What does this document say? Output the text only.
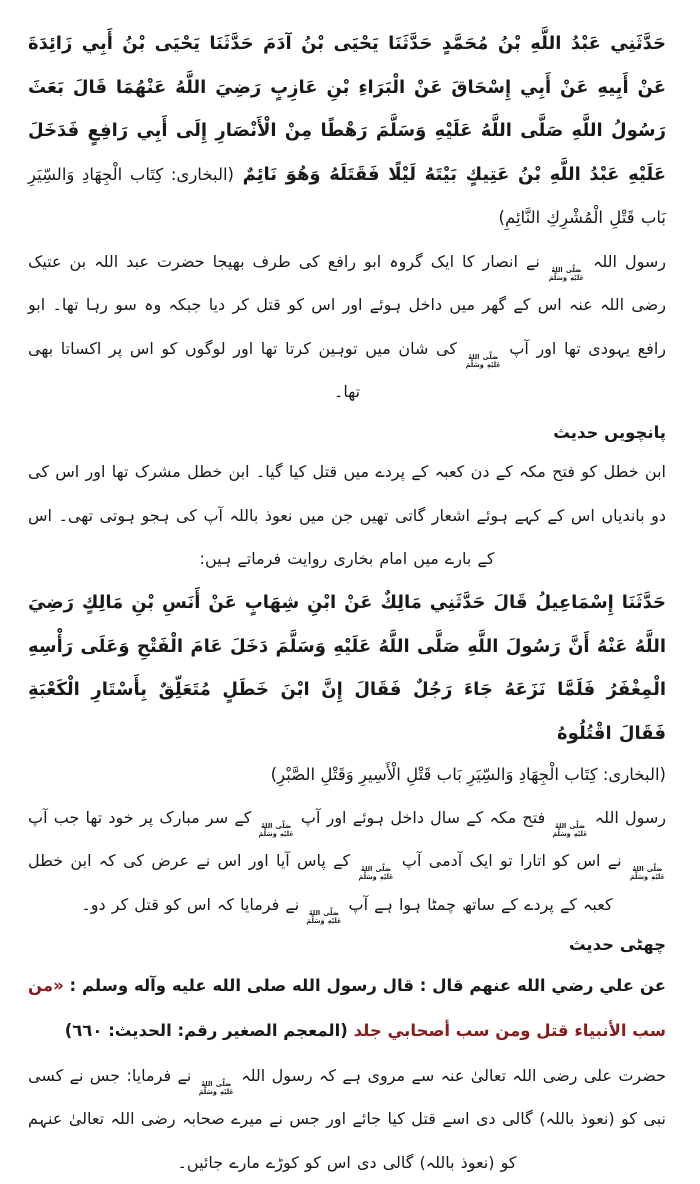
حَدَّثَنِي عَبْدُ اللَّهِ بْنُ مُحَمَّدٍ حَدَّثَنَا يَحْيَى بْنُ آدَمَ حَدَّثَنَا يَحْيَى بْنُ أَبِي زَائِدَةَ عَنْ أَبِيهِ عَنْ أَبِي إِسْحَاقَ عَنْ الْبَرَاءِ بْنِ عَازِبٍ رَضِيَ اللَّهُ عَنْهُمَا قَالَ بَعَثَ رَسُولُ اللَّهِ صَلَّى اللَّهُ عَلَيْهِ وَسَلَّمَ رَهْطًا مِنْ الْأَنْصَارِ إِلَى أَبِي رَافِعٍ فَدَخَلَ عَلَيْهِ عَبْدُ اللَّهِ بْنُ عَتِيكٍ بَيْتَهُ لَيْلًا فَقَتَلَهُ وَهُوَ نَائِمٌ (البخارى: كِتَاب الْجِهَادِ وَالسِّيَرِ بَاب قَتْلِ الْمُشْرِكِ النَّائِمِ)
رسول اللہ
صَلَّى اللهُ
عَلَيْهِ وَسَلَّمَ
نے انصار کا ایک گروہ ابو رافع کی طرف بھیجا حضرت عبد اللہ بن عتیک رضی اللہ عنہ اس کے گھر میں داخل ہوئے اور اس کو قتل کر دیا جبکہ وہ سو رہا تھا۔ ابو رافع یہودی تھا اور آپ
صَلَّى اللهُ
عَلَيْهِ وَسَلَّمَ
کی شان میں توہین کرتا تھا اور لوگوں کو اس پر اکساتا بھی تھا۔
پانچویں حدیث
ابن خطل کو فتح مکہ کے دن کعبہ کے پردے میں قتل کیا گیا۔ ابن خطل مشرک تھا اور اس کی دو باندیاں اس کے کہے ہوئے اشعار گاتی تھیں جن میں نعوذ باللہ آپ کی ہجو ہوتی تھی۔ اس کے بارے میں امام بخاری روایت فرماتے ہیں:
حَدَّثَنَا إِسْمَاعِيلُ قَالَ حَدَّثَنِي مَالِكٌ عَنْ ابْنِ شِهَابٍ عَنْ أَنَسِ بْنِ مَالِكٍ رَضِيَ اللَّهُ عَنْهُ أَنَّ رَسُولَ اللَّهِ صَلَّى اللَّهُ عَلَيْهِ وَسَلَّمَ دَخَلَ عَامَ الْفَتْحِ وَعَلَى رَأْسِهِ الْمِغْفَرُ فَلَمَّا نَزَعَهُ جَاءَ رَجُلٌ فَقَالَ إِنَّ ابْنَ خَطَلٍ مُتَعَلِّقٌ بِأَسْتَارِ الْكَعْبَةِ فَقَالَ اقْتُلُوهُ
(البخارى: كِتَاب الْجِهَادِ وَالسِّيَرِ بَاب قَتْلِ الْأَسِيرِ وَقَتْلِ الصَّبْرِ)
رسول اللہ
صَلَّى اللهُ
عَلَيْهِ وَسَلَّمَ
فتح مکہ کے سال داخل ہوئے اور آپ
صَلَّى اللهُ
عَلَيْهِ وَسَلَّمَ
کے سر مبارک پر خود تھا جب آپ
صَلَّى اللهُ
عَلَيْهِ وَسَلَّمَ
نے اس کو اتارا تو ایک آدمی آپ
صَلَّى اللهُ
عَلَيْهِ وَسَلَّمَ
کے پاس آیا اور اس نے عرض کی کہ ابن خطل کعبہ کے پردے کے ساتھ چمٹا ہوا ہے آپ
صَلَّى اللهُ
عَلَيْهِ وَسَلَّمَ
نے فرمایا کہ اس کو قتل کر دو۔
چھٹی حدیث
عن علي رضي الله عنهم قال : قال رسول الله صلى الله عليه وآله وسلم : «من سب الأنبياء قتل ومن سب أصحابي جلد (المعجم الصغير رقم: الحديث: ٦٦٠)
حضرت علی رضی اللہ تعالیٰ عنہ سے مروی ہے کہ رسول اللہ
صَلَّى اللهُ
عَلَيْهِ وَسَلَّمَ
نے فرمایا: جس نے کسی نبی کو (نعوذ باللہ) گالی دی اسے قتل کیا جائے اور جس نے میرے صحابہ رضی اللہ تعالیٰ عنہم کو (نعوذ باللہ) گالی دی اس کو کوڑے مارے جائیں۔
